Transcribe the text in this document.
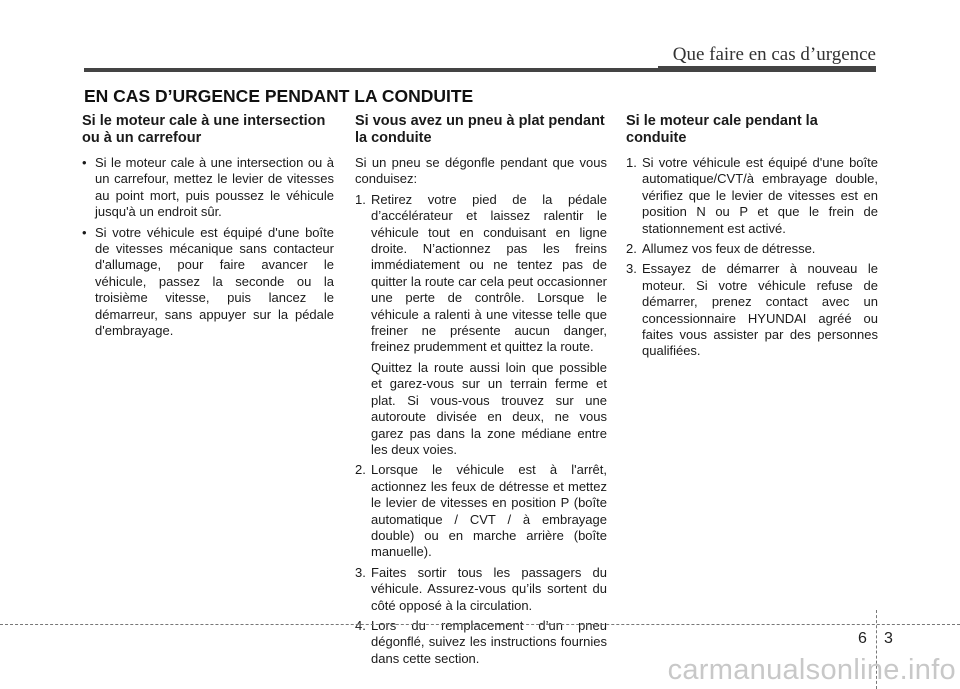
Que faire en cas d’urgence
EN CAS D’URGENCE PENDANT LA CONDUITE
Si le moteur cale à une intersection ou à un carrefour
• Si le moteur cale à une intersection ou à un carrefour, mettez le levier de vitesses au point mort, puis poussez le véhicule jusqu'à un endroit sûr.
• Si votre véhicule est équipé d'une boîte de vitesses mécanique sans contacteur d'allumage, pour faire avancer le véhicule, passez la seconde ou la troisième vitesse, puis lancez le démarreur, sans appuyer sur la pédale d'embrayage.
Si vous avez un pneu à plat pendant la conduite

Si un pneu se dégonfle pendant que vous conduisez:

1. Retirez votre pied de la pédale d’accélérateur et laissez ralentir le véhicule tout en conduisant en ligne droite. N’actionnez pas les freins immédiatement ou ne tentez pas de quitter la route car cela peut occasionner une perte de contrôle. Lorsque le véhicule a ralenti à une vitesse telle que freiner ne présente aucun danger, freinez prudemment et quittez la route.
Quittez la route aussi loin que possible et garez-vous sur un terrain ferme et plat. Si vous-vous trouvez sur une autoroute divisée en deux, ne vous garez pas dans la zone médiane entre les deux voies.
2. Lorsque le véhicule est à l'arrêt, actionnez les feux de détresse et mettez le levier de vitesses en position P (boîte automatique / CVT / à embrayage double) ou en marche arrière (boîte manuelle).
3. Faites sortir tous les passagers du véhicule. Assurez-vous qu’ils sortent du côté opposé à la circulation.
4. Lors du remplacement d’un pneu dégonflé, suivez les instructions fournies dans cette section.
Si le moteur cale pendant la conduite
1. Si votre véhicule est équipé d'une boîte automatique/CVT/à embrayage double, vérifiez que le levier de vitesses est en position N ou P et que le frein de stationnement est activé.
2. Allumez vos feux de détresse.
3. Essayez de démarrer à nouveau le moteur. Si votre véhicule refuse de démarrer, prenez contact avec un concessionnaire HYUNDAI agréé ou faites vous assister par des personnes qualifiées.
6 3
carmanualsonline.info
